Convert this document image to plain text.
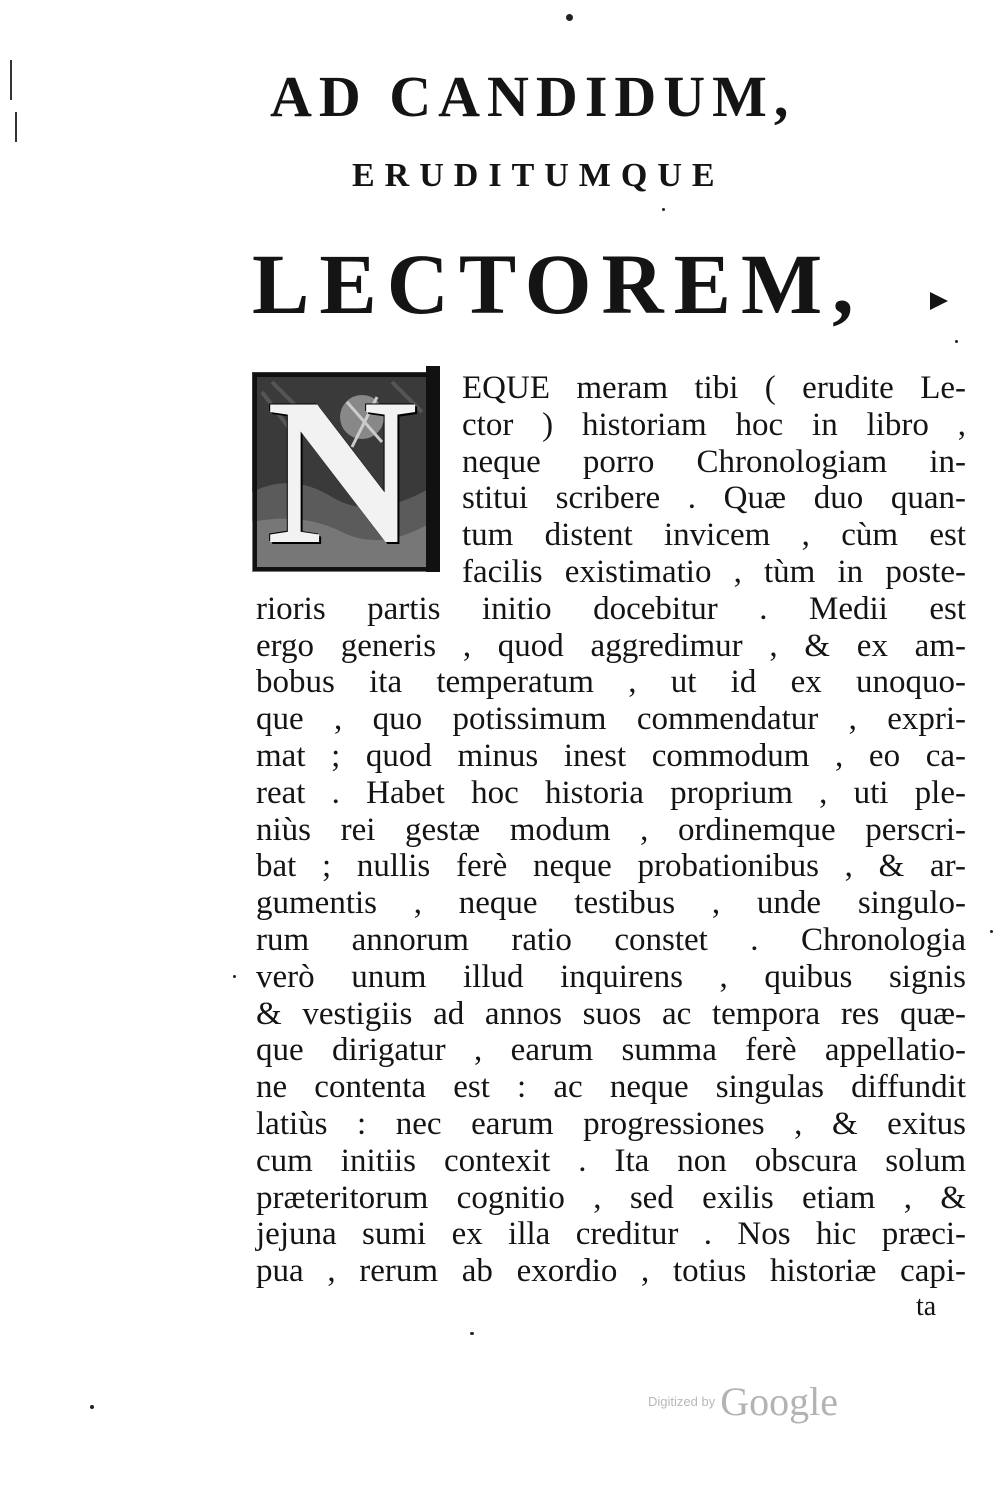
AD CANDIDUM,
ERUDITUMQUE
LECTOREM,
N	EQUE meram tibi ( erudite Le-
ctor ) historiam hoc in libro ,
neque porro Chronologiam in-
stitui scribere . Quæ duo quan-
tum distent invicem , cùm est
facilis existimatio , tùm in poste-
rioris partis initio docebitur . Medii est
ergo generis , quod aggredimur , & ex am-
bobus ita temperatum , ut id ex unoquo-
que , quo potissimum commendatur , expri-
mat ; quod minus inest commodum , eo ca-
reat . Habet hoc historia proprium , uti ple-
niùs rei gestæ modum , ordinemque perscri-
bat ; nullis ferè neque probationibus , & ar-
gumentis , neque testibus , unde singulo-
rum annorum ratio constet . Chronologia
verò unum illud inquirens , quibus signis
& vestigiis ad annos suos ac tempora res quæ-
que dirigatur , earum summa ferè appellatio-
ne contenta est : ac neque singulas diffundit
latiùs : nec earum progressiones , & exitus
cum initiis contexit . Ita non obscura solum
præteritorum cognitio , sed exilis etiam , &
jejuna sumi ex illa creditur . Nos hic præci-
pua , rerum ab exordio , totius historiæ capi-
ta
Digitized by Google
